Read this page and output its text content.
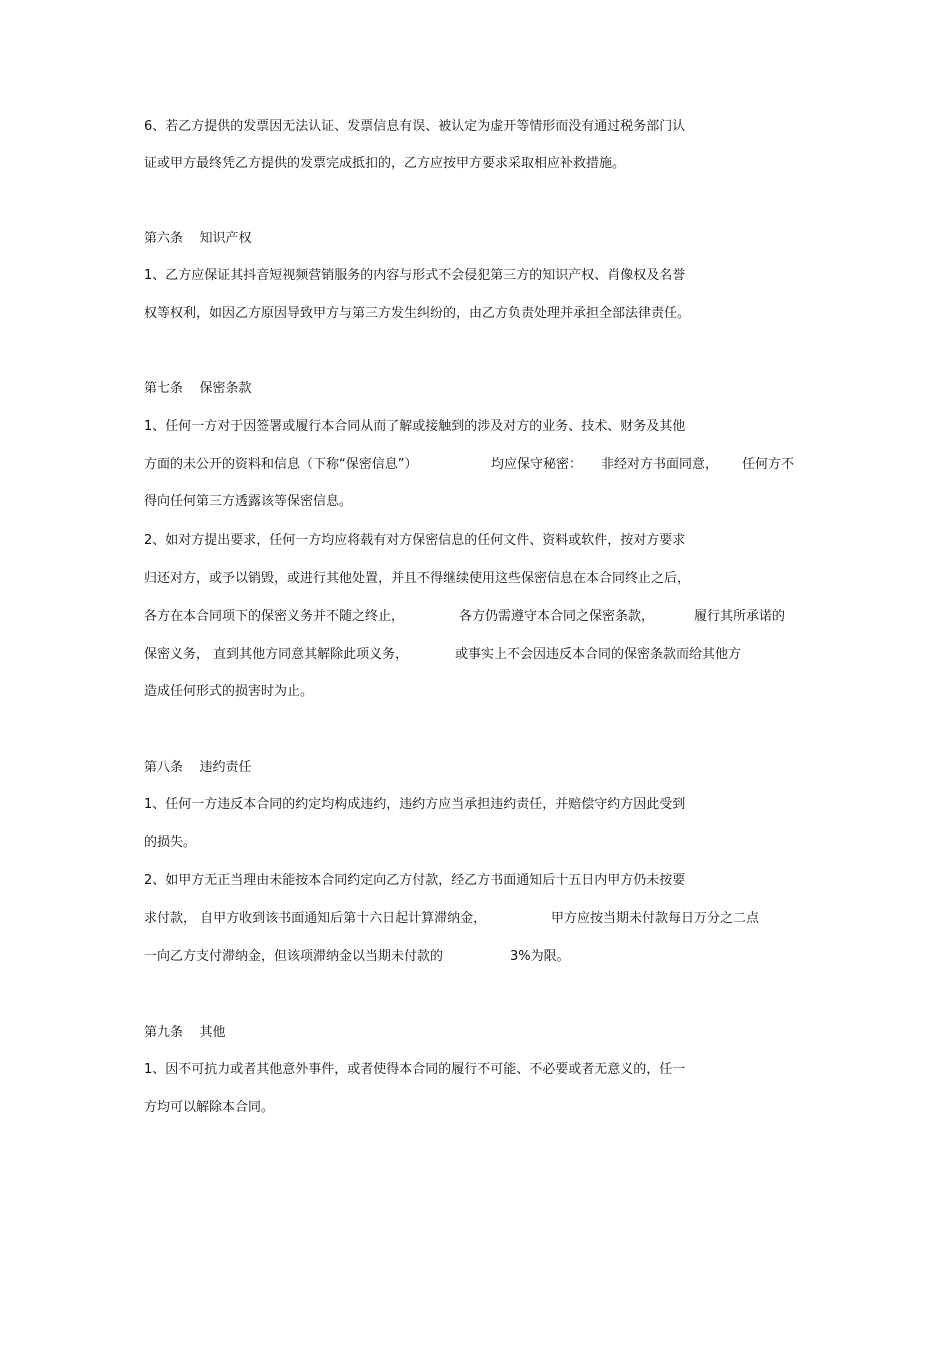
6、若乙方提供的发票因无法认证、发票信息有误、被认定为虚开等情形而没有通过税务部门认

证或甲方最终凭乙方提供的发票完成抵扣的，乙方应按甲方要求采取相应补救措施。

第六条    知识产权

1、乙方应保证其抖音短视频营销服务的内容与形式不会侵犯第三方的知识产权、肖像权及名誉

权等权利，如因乙方原因导致甲方与第三方发生纠纷的，由乙方负责处理并承担全部法律责任。

第七条    保密条款

1、任何一方对于因签署或履行本合同从而了解或接触到的涉及对方的业务、技术、财务及其他

方面的未公开的资料和信息（下称“保密信息”）

	均应保守秘密：

非经对方书面同意，

任何方不

得向任何第三方透露该等保密信息。

2、如对方提出要求，任何一方均应将载有对方保密信息的任何文件、资料或软件，按对方要求

归还对方，或予以销毁，或进行其他处置，并且不得继续使用这些保密信息在本合同终止之后，

各方在本合同项下的保密义务并不随之终止，

	各方仍需遵守本合同之保密条款，

	履行其所承诺的

保密义务， 直到其他方同意其解除此项义务，

	或事实上不会因违反本合同的保密条款而给其他方

造成任何形式的损害时为止。

第八条    违约责任

1、任何一方违反本合同的约定均构成违约，违约方应当承担违约责任，并赔偿守约方因此受到

的损失。

2、如甲方无正当理由未能按本合同约定向乙方付款，经乙方书面通知后十五日内甲方仍未按要

求付款， 自甲方收到该书面通知后第十六日起计算滞纳金，

	甲方应按当期未付款每日万分之二点

一向乙方支付滞纳金，但该项滞纳金以当期未付款的

	3%为限。

第九条    其他

1、因不可抗力或者其他意外事件，或者使得本合同的履行不可能、不必要或者无意义的，任一

方均可以解除本合同。
